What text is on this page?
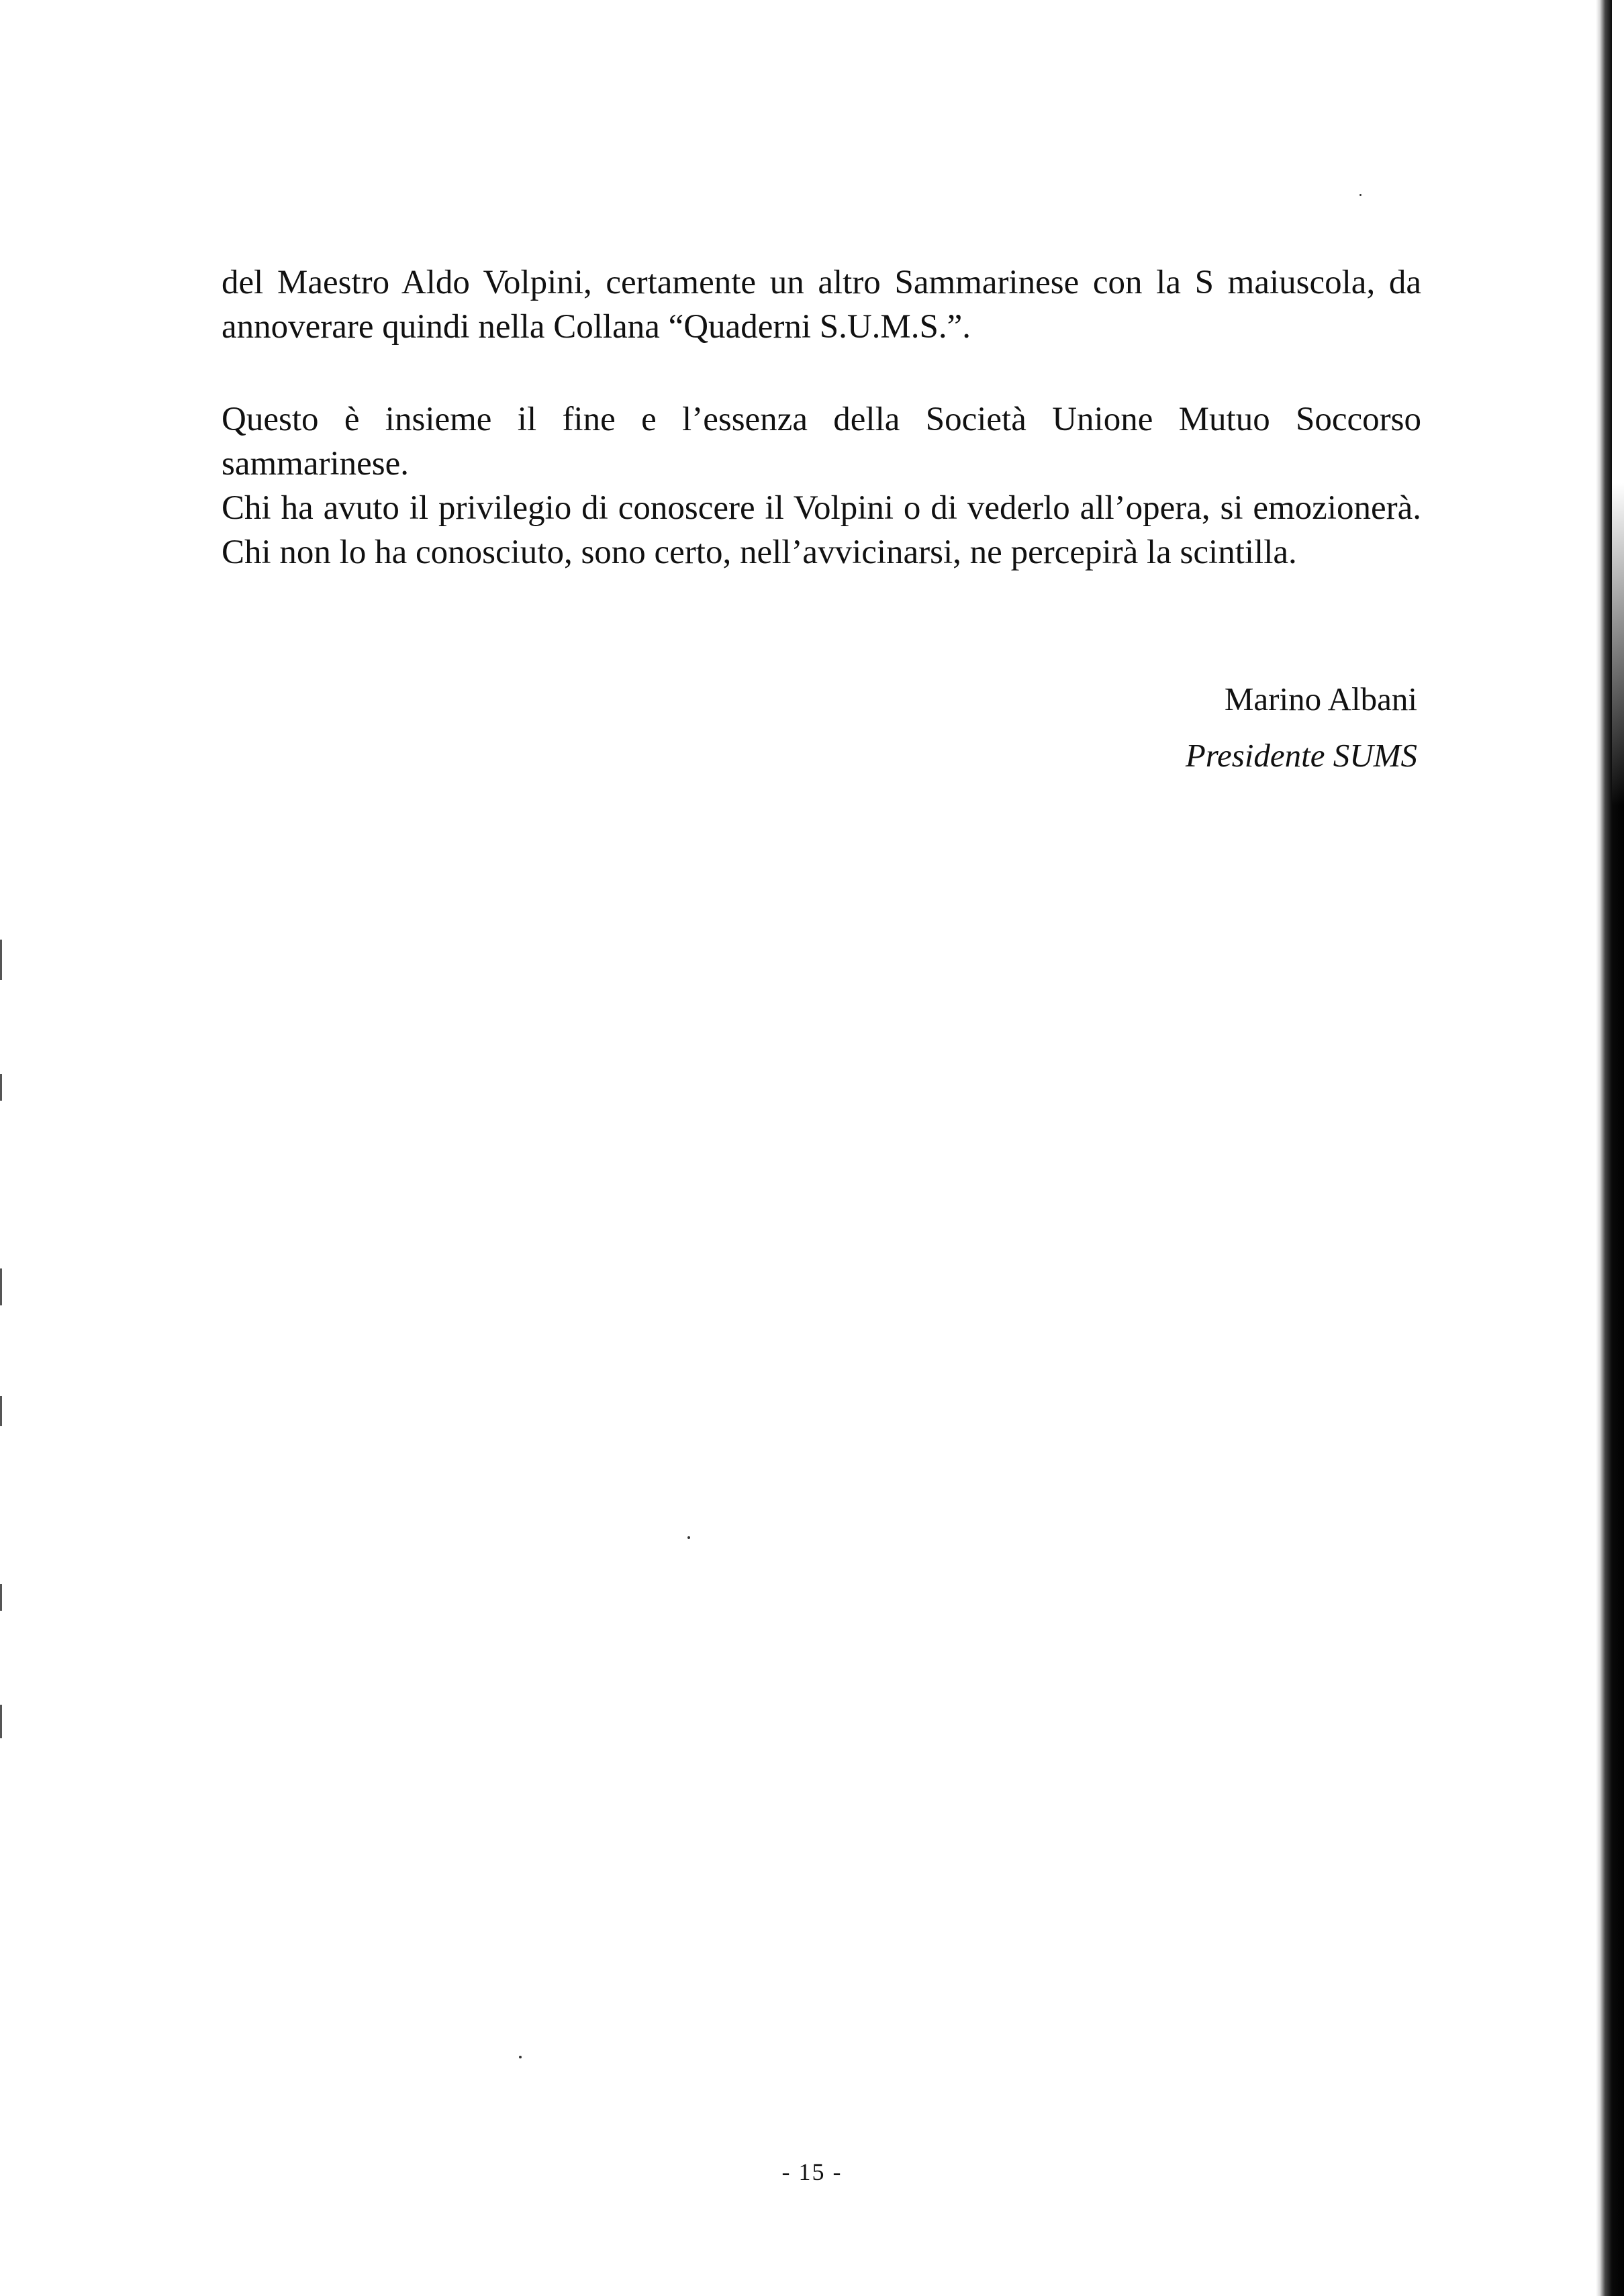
del Maestro Aldo Volpini, certamente un altro Sammarinese con la S maiuscola, da annoverare quindi nella Collana “Quaderni S.U.M.S.”.

Questo è insieme il fine e l’essenza della Società Unione Mutuo Soccorso sammarinese.

Chi ha avuto il privilegio di conoscere il Volpini o di vederlo all’opera, si emozionerà. Chi non lo ha conosciuto, sono certo, nell’avvicinarsi, ne percepirà la scintilla.

Marino Albani
Presidente SUMS
- 15 -
